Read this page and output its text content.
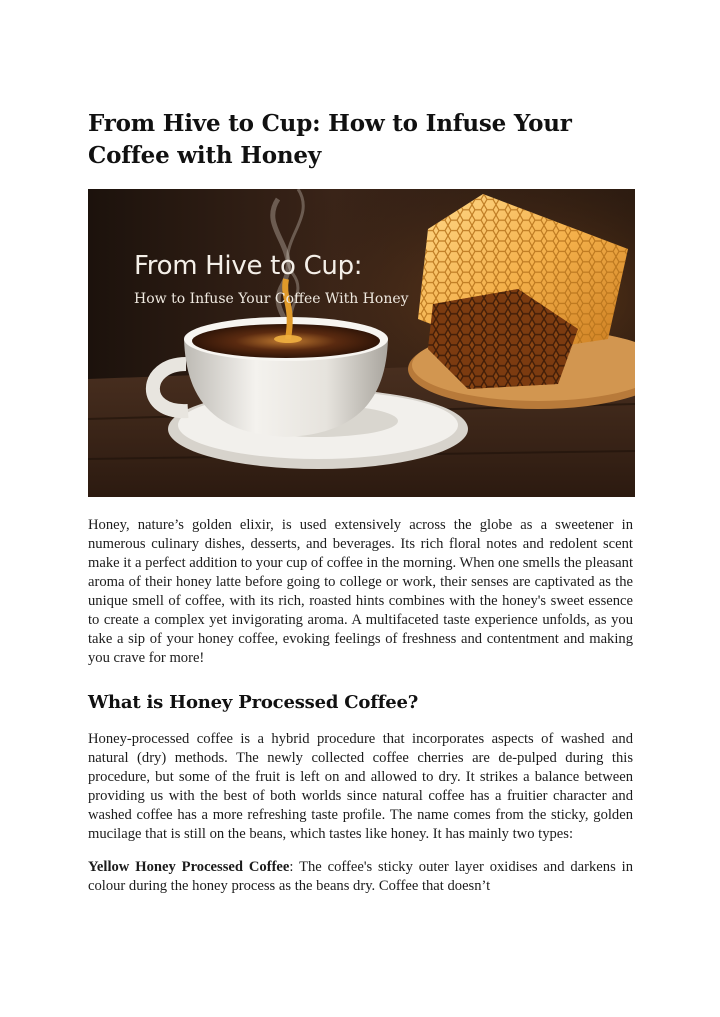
From Hive to Cup: How to Infuse Your Coffee with Honey
From Hive to Cup:
How to Infuse Your Coffee With Honey

Honey, nature’s golden elixir, is used extensively across the globe as a sweetener in numerous culinary dishes, desserts, and beverages. Its rich floral notes and redolent scent make it a perfect addition to your cup of coffee in the morning. When one smells the pleasant aroma of their honey latte before going to college or work, their senses are captivated as the unique smell of coffee, with its rich, roasted hints combines with the honey's sweet essence to create a complex yet invigorating aroma. A multifaceted taste experience unfolds, as you take a sip of your honey coffee, evoking feelings of freshness and contentment and making you crave for more!

What is Honey Processed Coffee?

Honey-processed coffee is a hybrid procedure that incorporates aspects of washed and natural (dry) methods. The newly collected coffee cherries are de-pulped during this procedure, but some of the fruit is left on and allowed to dry. It strikes a balance between providing us with the best of both worlds since natural coffee has a fruitier character and washed coffee has a more refreshing taste profile. The name comes from the sticky, golden mucilage that is still on the beans, which tastes like honey. It has mainly two types:

Yellow Honey Processed Coffee: The coffee's sticky outer layer oxidises and darkens in colour during the honey process as the beans dry. Coffee that doesn’t
